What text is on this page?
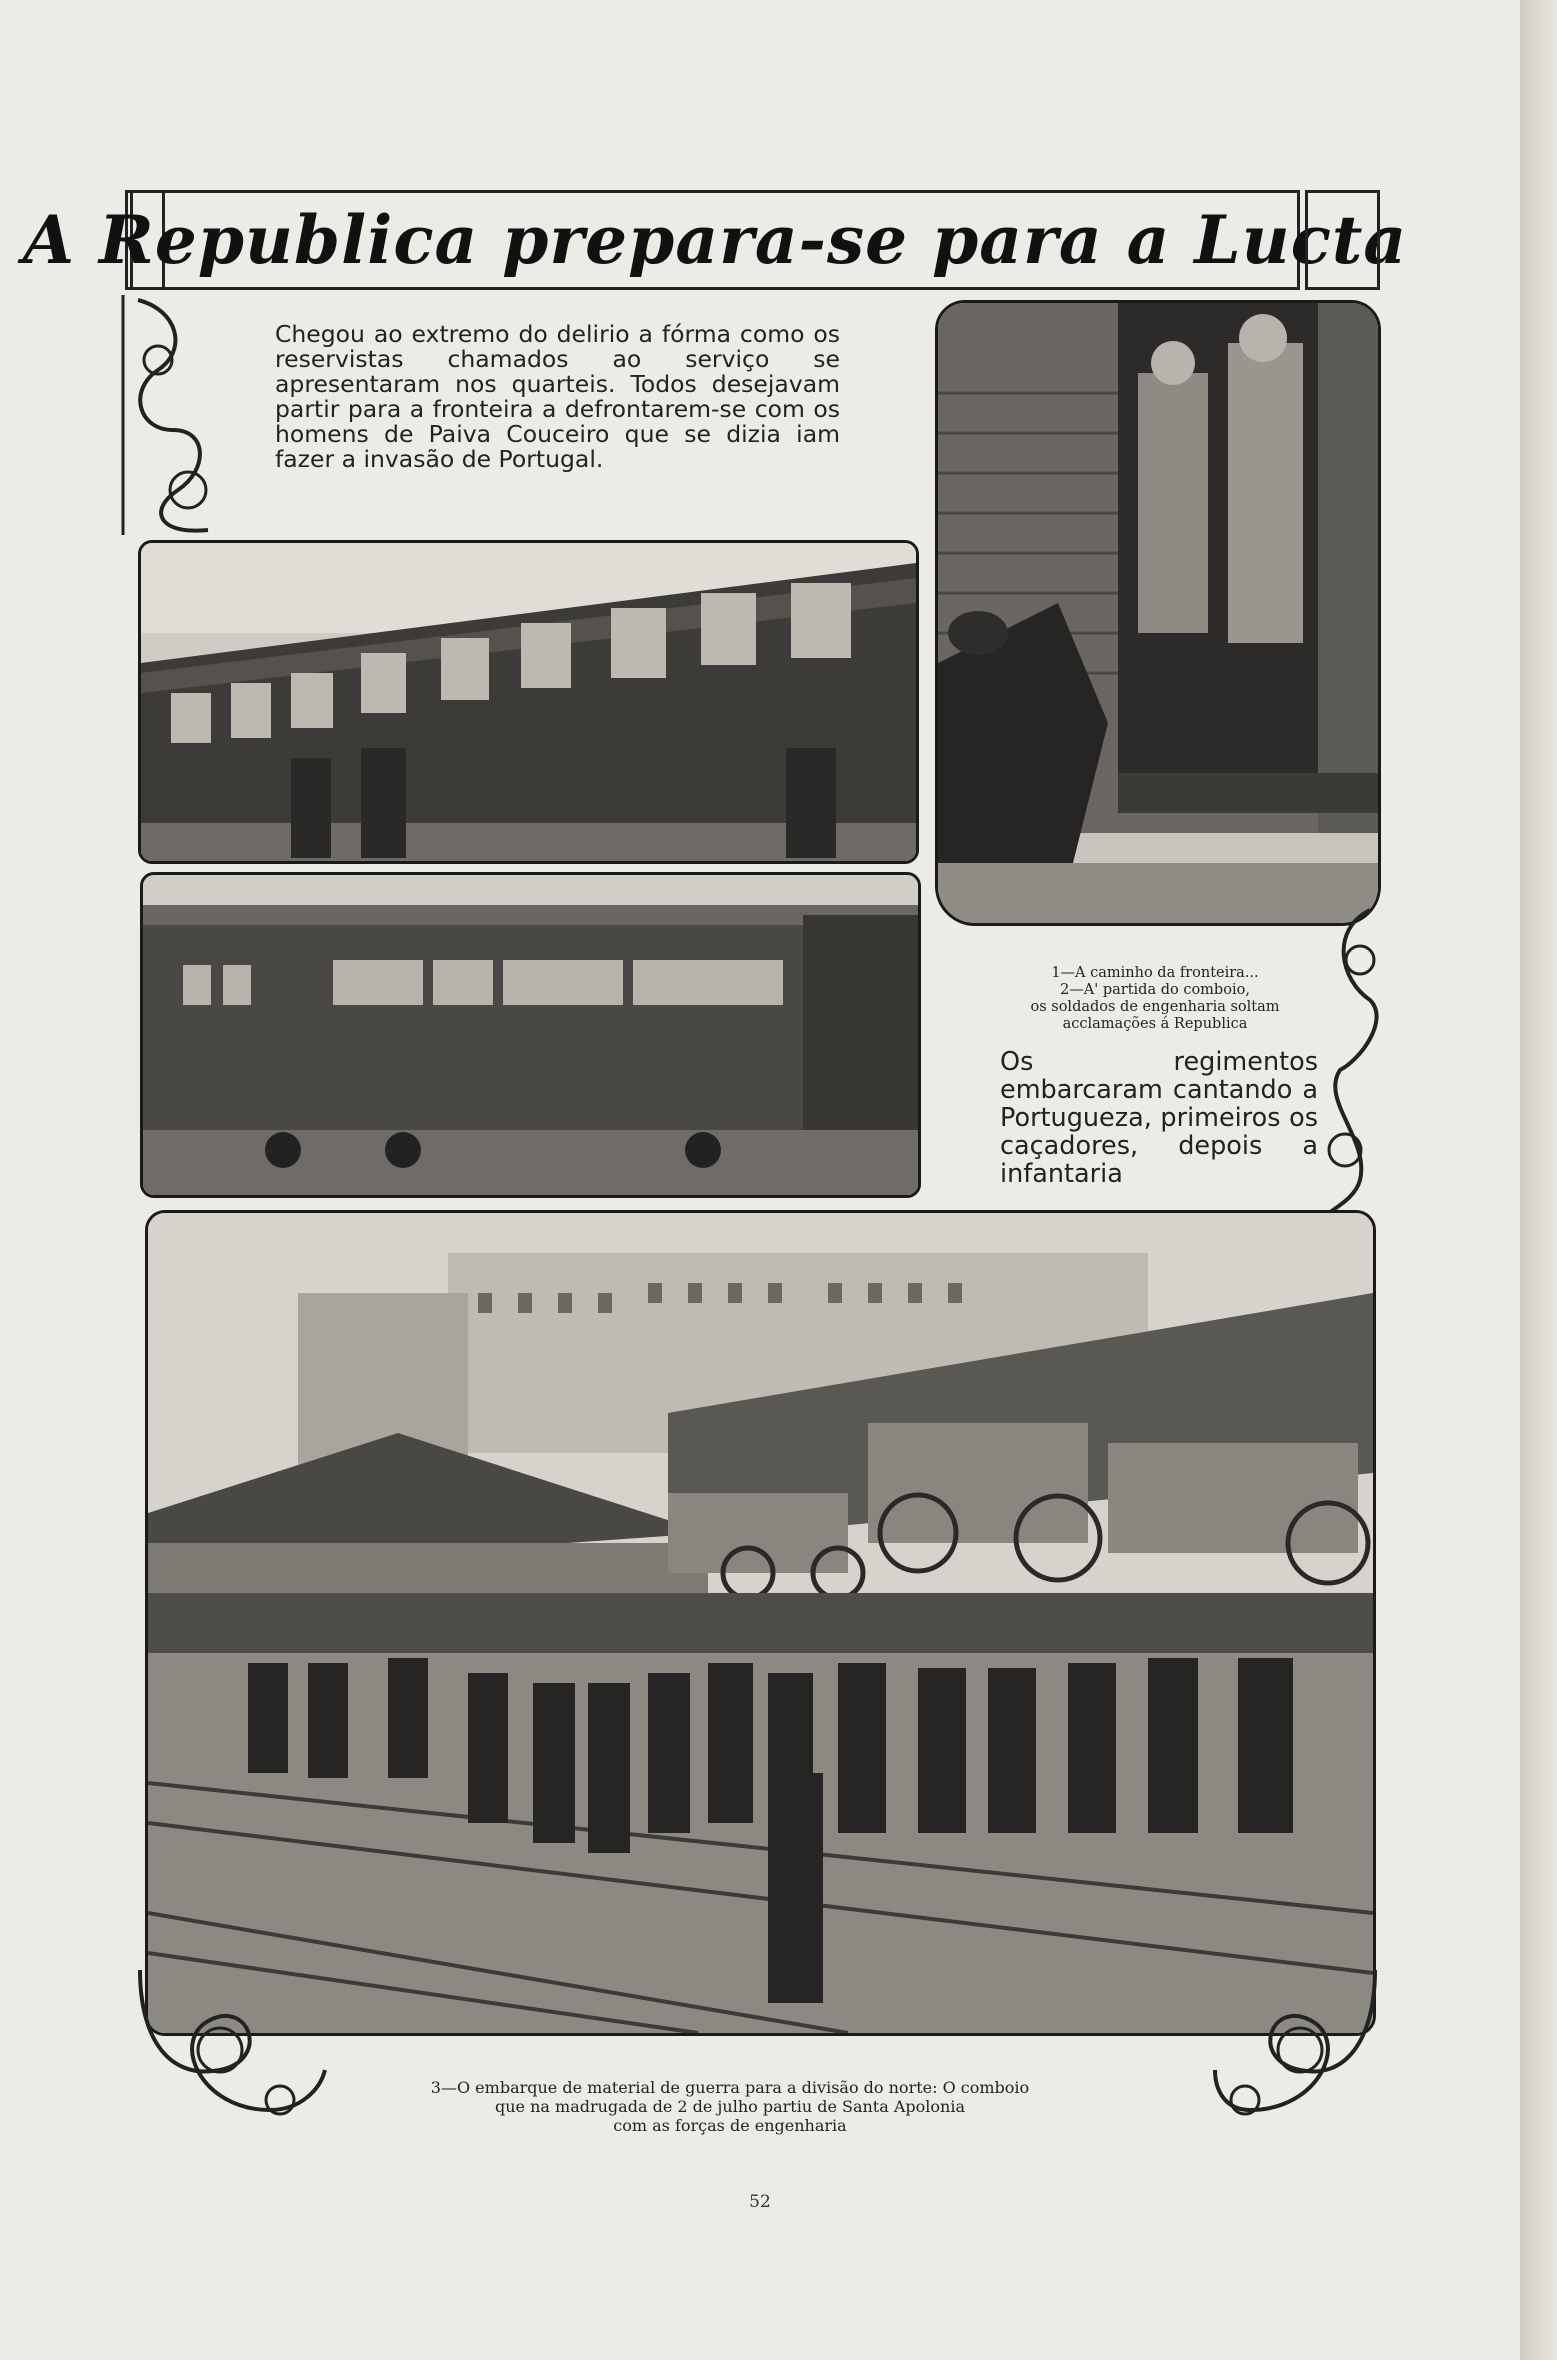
A Republica prepara-se para a Lucta
Chegou ao extremo do delirio a fórma como os reservistas chamados ao serviço se apresentaram nos quarteis. Todos desejavam partir para a fronteira a defrontarem-se com os homens de Paiva Couceiro que se dizia iam fazer a invasão de Portugal.
1—A caminho da fronteira...
2—A' partida do comboio,
os soldados de engenharia soltam
acclamações á Republica
Os regimentos embarcaram cantando a Portugueza, primeiros os caçadores, depois a infantaria
3—O embarque de material de guerra para a divisão do norte: O comboio
que na madrugada de 2 de julho partiu de Santa Apolonia
com as forças de engenharia
52
